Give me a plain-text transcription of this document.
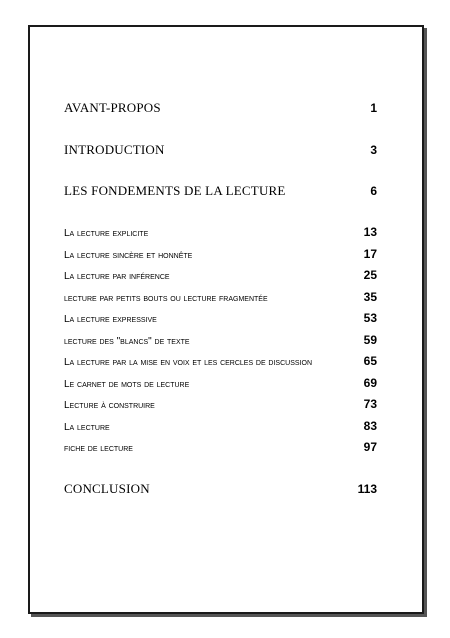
AVANT-PROPOS	1
INTRODUCTION	3
LES FONDEMENTS DE LA LECTURE	6
La lecture explicite	13
La lecture sincère et honnête	17
La lecture par inférence	25
lecture par petits bouts ou lecture fragmentée	35
La lecture expressive	53
lecture des "blancs" de texte	59
La lecture par la mise en voix et les cercles de discussion	65
Le carnet de mots de lecture	69
Lecture à construire	73
La lecture	83
fiche de lecture	97
CONCLUSION	113
